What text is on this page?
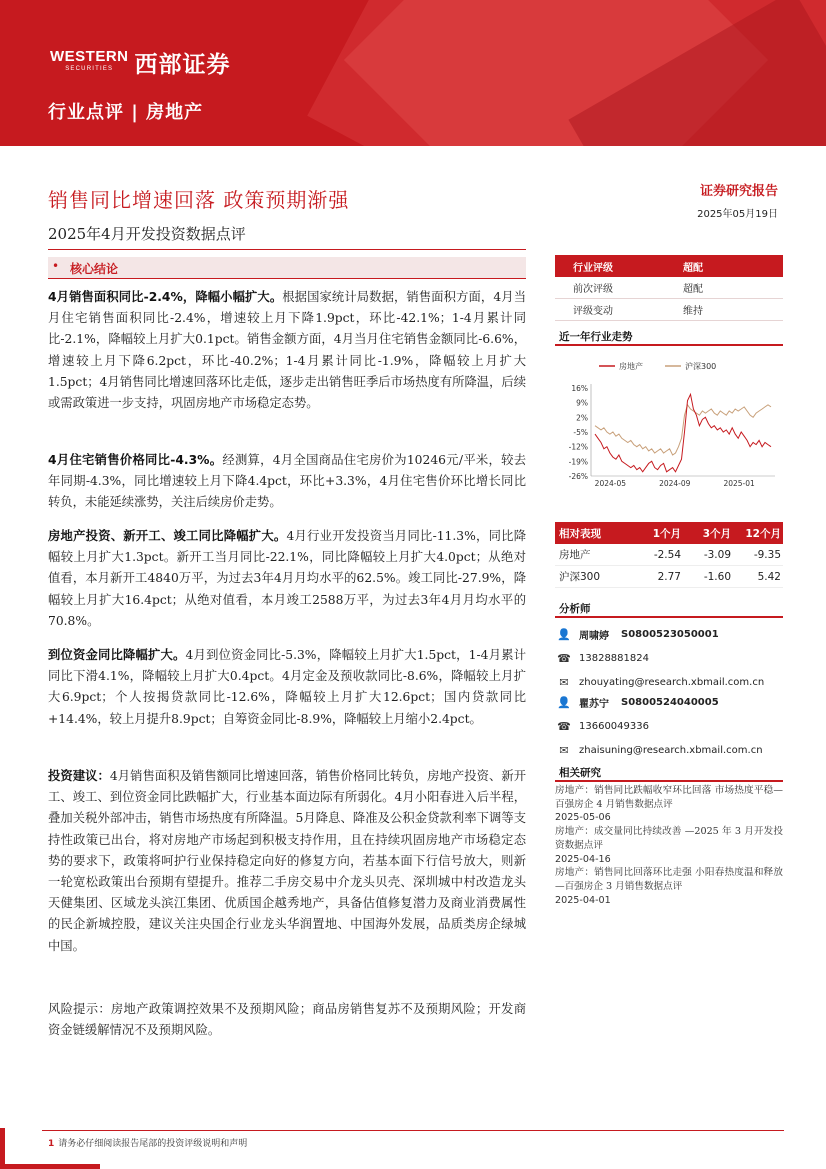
WESTERN
SECURITIES 西部证券
行业点评 | 房地产
销售同比增速回落 政策预期渐强
2025年4月开发投资数据点评
证券研究报告
2025年05月19日
• 核心结论
4月销售面积同比-2.4%，降幅小幅扩大。根据国家统计局数据，销售面积方面，4月当月住宅销售面积同比-2.4%，增速较上月下降1.9pct，环比-42.1%；1-4月累计同比-2.1%，降幅较上月扩大0.1pct。销售金额方面，4月当月住宅销售金额同比-6.6%，增速较上月下降6.2pct，环比-40.2%；1-4月累计同比-1.9%，降幅较上月扩大1.5pct；4月销售同比增速回落环比走低，逐步走出销售旺季后市场热度有所降温，后续或需政策进一步支持，巩固房地产市场稳定态势。
4月住宅销售价格同比-4.3%。经测算，4月全国商品住宅房价为10246元/平米，较去年同期-4.3%，同比增速较上月下降4.4pct，环比+3.3%，4月住宅售价环比增长同比转负，未能延续涨势，关注后续房价走势。
房地产投资、新开工、竣工同比降幅扩大。4月行业开发投资当月同比-11.3%，同比降幅较上月扩大1.3pct。新开工当月同比-22.1%，同比降幅较上月扩大4.0pct；从绝对值看，本月新开工4840万平，为过去3年4月月均水平的62.5%。竣工同比-27.9%，降幅较上月扩大16.4pct；从绝对值看，本月竣工2588万平，为过去3年4月月均水平的70.8%。
到位资金同比降幅扩大。4月到位资金同比-5.3%，降幅较上月扩大1.5pct，1-4月累计同比下滑4.1%，降幅较上月扩大0.4pct。4月定金及预收款同比-8.6%，降幅较上月扩大6.9pct；个人按揭贷款同比-12.6%，降幅较上月扩大12.6pct；国内贷款同比+14.4%，较上月提升8.9pct；自筹资金同比-8.9%，降幅较上月缩小2.4pct。
投资建议：4月销售面积及销售额同比增速回落，销售价格同比转负，房地产投资、新开工、竣工、到位资金同比跌幅扩大，行业基本面边际有所弱化。4月小阳春进入后半程，叠加关税外部冲击，销售市场热度有所降温。5月降息、降准及公积金贷款利率下调等支持性政策已出台，将对房地产市场起到积极支持作用，且在持续巩固房地产市场稳定态势的要求下，政策将呵护行业保持稳定向好的修复方向，若基本面下行信号放大，则新一轮宽松政策出台预期有望提升。推荐二手房交易中介龙头贝壳、深圳城中村改造龙头天健集团、区域龙头滨江集团、优质国企越秀地产，具备估值修复潜力及商业消费属性的民企新城控股，建议关注央国企行业龙头华润置地、中国海外发展，品质类房企绿城中国。
风险提示：房地产政策调控效果不及预期风险；商品房销售复苏不及预期风险；开发商资金链缓解情况不及预期风险。
行业评级	超配
前次评级	超配
评级变动	维持
近一年行业走势
房地产	沪深300
16%
9%
2%
-5%
-12%
-19%
-26%
2024-05	2024-09	2025-01
相对表现	1个月	3个月	12个月
房地产	-2.54	-3.09	-9.35
沪深300	2.77	-1.60	5.42
分析师
👤 周啸婷 S0800523050001
☎ 13828881824
✉	zhouyating@research.xbmail.com.cn
👤 瞿苏宁 S0800524040005
☎ 13660049336
✉	zhaisuning@research.xbmail.com.cn
相关研究
房地产：销售同比跌幅收窄环比回落 市场热度平稳—百强房企 4 月销售数据点评
2025-05-06
房地产：成交量同比持续改善 —2025 年 3 月开发投资数据点评
2025-04-16
房地产：销售同比回落环比走强 小阳春热度温和释放—百强房企 3 月销售数据点评
2025-04-01
1 请务必仔细阅读报告尾部的投资评级说明和声明
